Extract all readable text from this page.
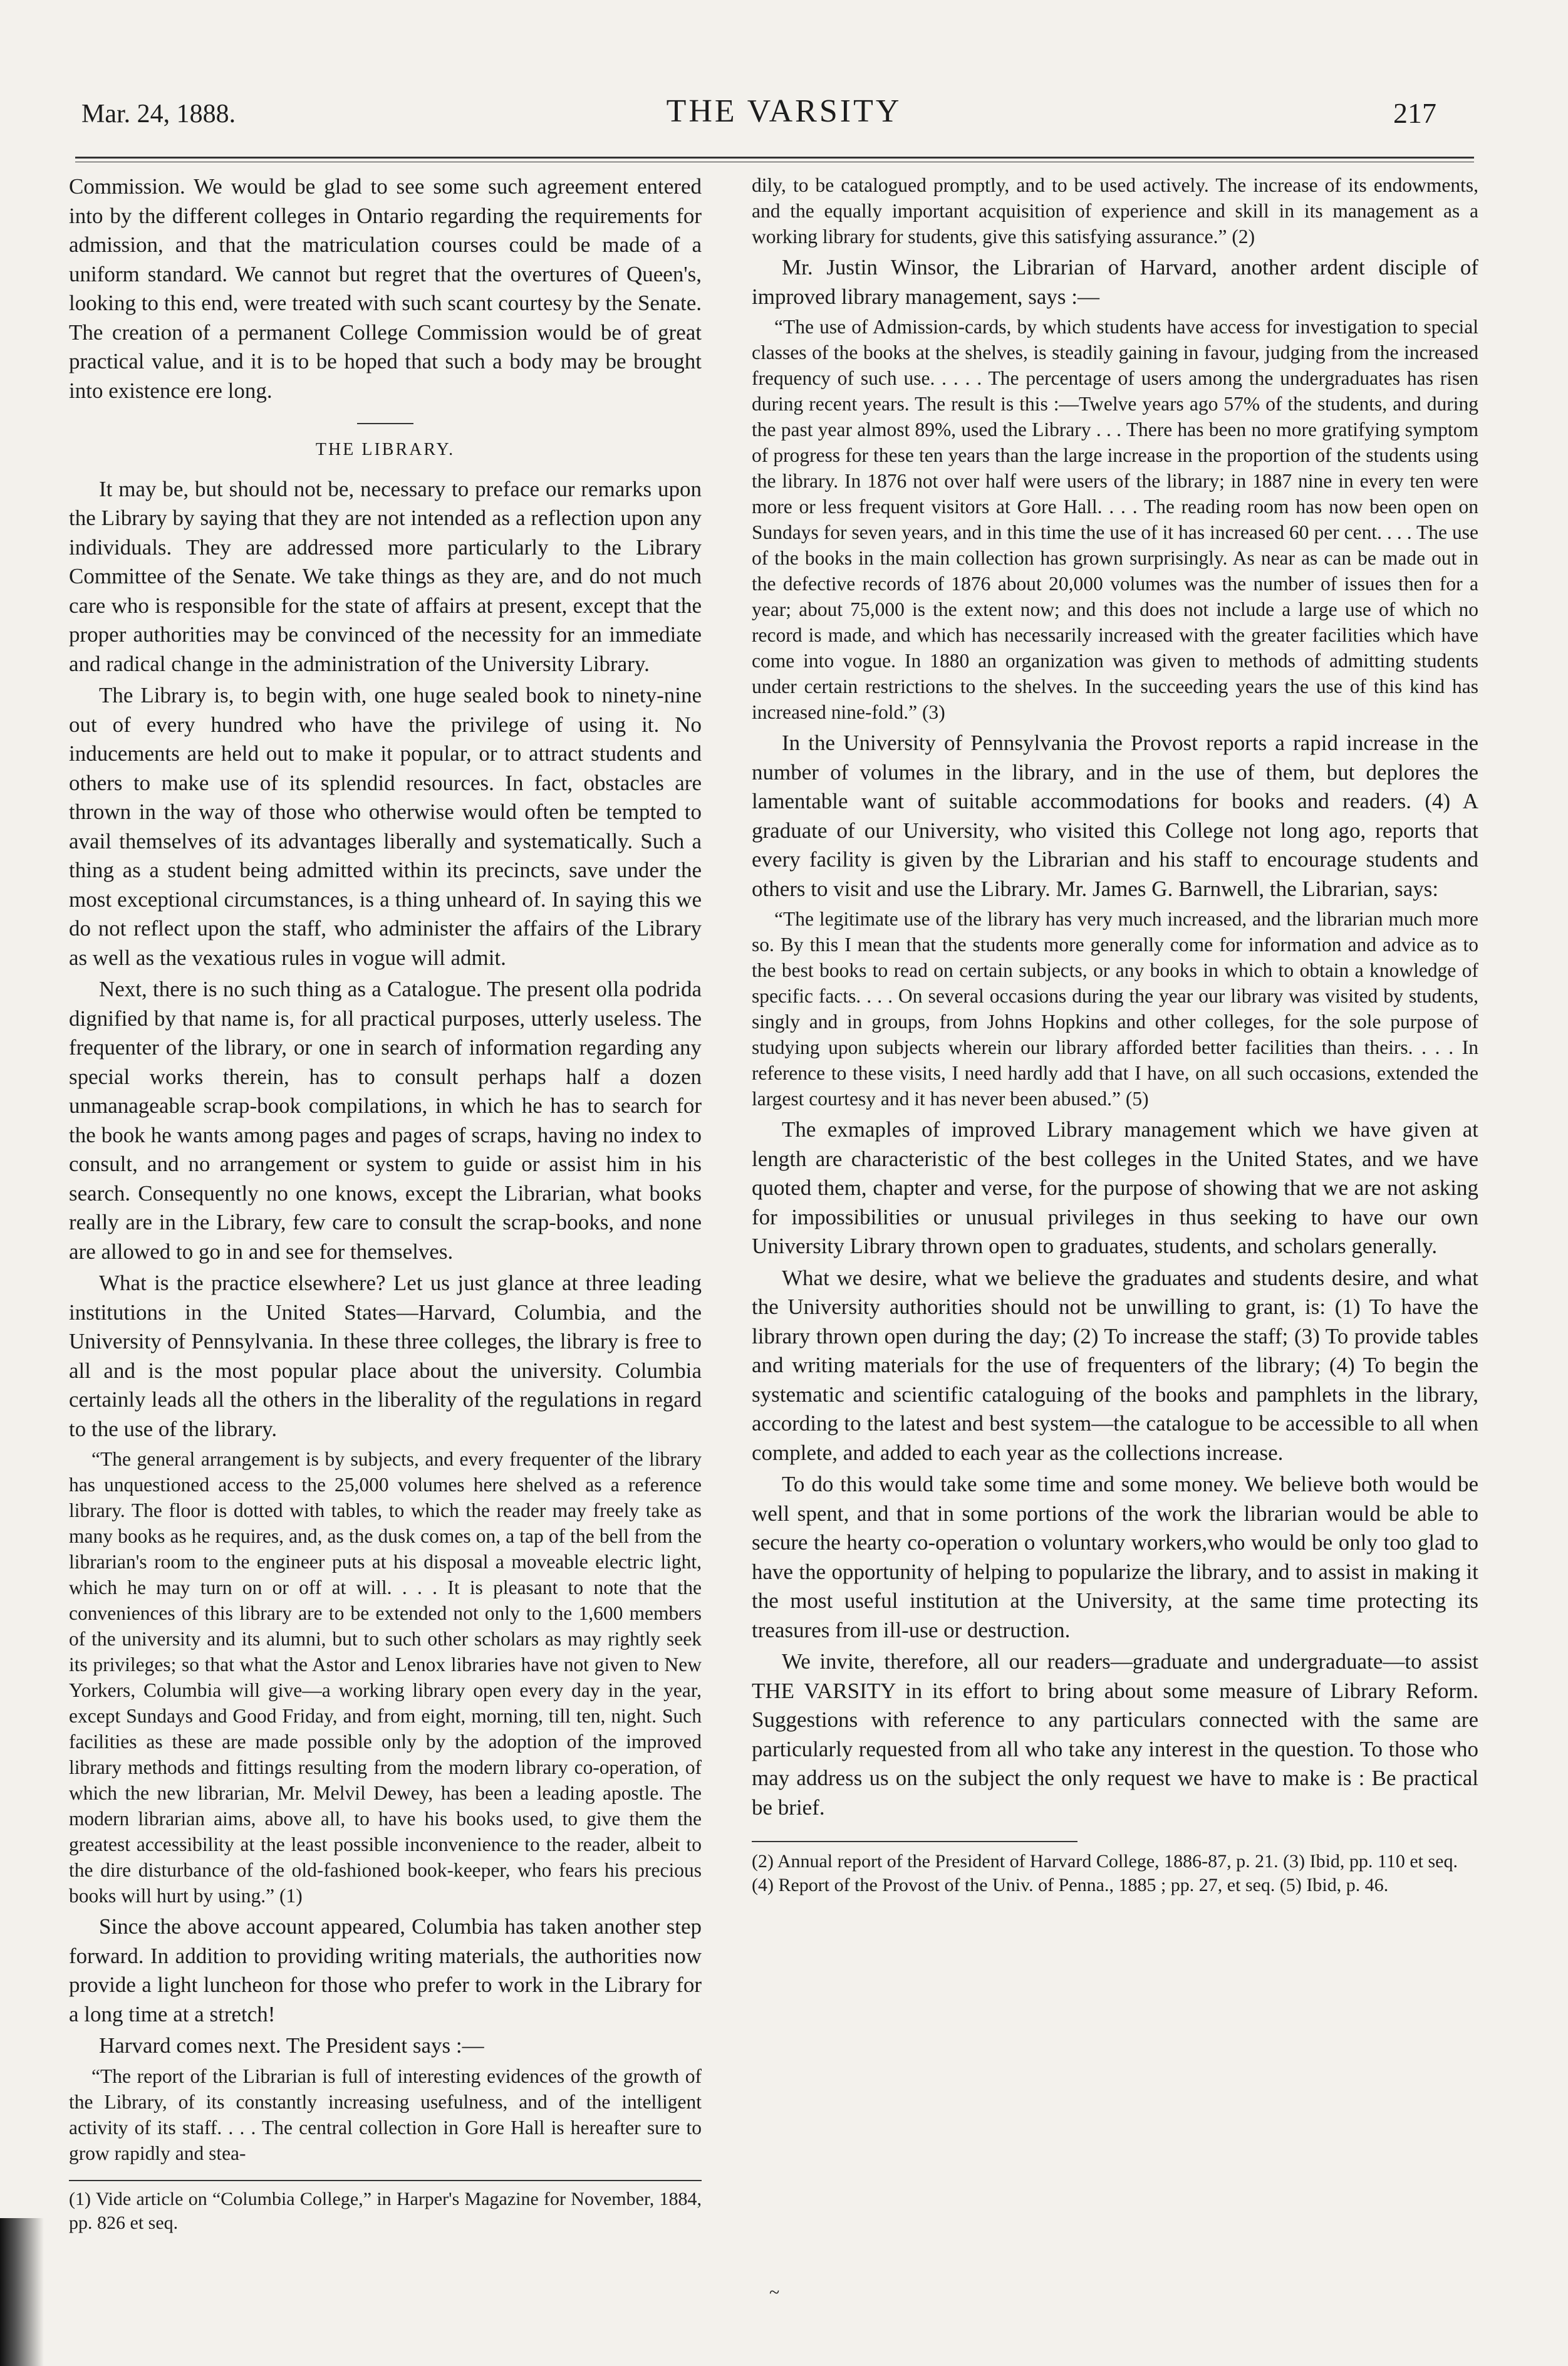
Mar. 24, 1888.	THE VARSITY	217

Commission. We would be glad to see some such agreement entered into by the different colleges in Ontario regarding the requirements for admission, and that the matriculation courses could be made of a uniform standard. We cannot but regret that the overtures of Queen's, looking to this end, were treated with such scant courtesy by the Senate. The creation of a permanent College Commission would be of great practical value, and it is to be hoped that such a body may be brought into existence ere long.

THE LIBRARY.

It may be, but should not be, necessary to preface our remarks upon the Library by saying that they are not intended as a reflection upon any individuals. They are addressed more particularly to the Library Committee of the Senate. We take things as they are, and do not much care who is responsible for the state of affairs at present, except that the proper authorities may be convinced of the necessity for an immediate and radical change in the administration of the University Library.

The Library is, to begin with, one huge sealed book to ninety-nine out of every hundred who have the privilege of using it. No inducements are held out to make it popular, or to attract students and others to make use of its splendid resources. In fact, obstacles are thrown in the way of those who otherwise would often be tempted to avail themselves of its advantages liberally and systematically. Such a thing as a student being admitted within its precincts, save under the most exceptional circumstances, is a thing unheard of. In saying this we do not reflect upon the staff, who administer the affairs of the Library as well as the vexatious rules in vogue will admit.

Next, there is no such thing as a Catalogue. The present olla podrida dignified by that name is, for all practical purposes, utterly useless. The frequenter of the library, or one in search of information regarding any special works therein, has to consult perhaps half a dozen unmanageable scrap-book compilations, in which he has to search for the book he wants among pages and pages of scraps, having no index to consult, and no arrangement or system to guide or assist him in his search. Consequently no one knows, except the Librarian, what books really are in the Library, few care to consult the scrap-books, and none are allowed to go in and see for themselves.

What is the practice elsewhere? Let us just glance at three leading institutions in the United States—Harvard, Columbia, and the University of Pennsylvania. In these three colleges, the library is free to all and is the most popular place about the university. Columbia certainly leads all the others in the liberality of the regulations in regard to the use of the library.

“The general arrangement is by subjects, and every frequenter of the library has unquestioned access to the 25,000 volumes here shelved as a reference library. The floor is dotted with tables, to which the reader may freely take as many books as he requires, and, as the dusk comes on, a tap of the bell from the librarian's room to the engineer puts at his disposal a moveable electric light, which he may turn on or off at will. . . . It is pleasant to note that the conveniences of this library are to be extended not only to the 1,600 members of the university and its alumni, but to such other scholars as may rightly seek its privileges; so that what the Astor and Lenox libraries have not given to New Yorkers, Columbia will give—a working library open every day in the year, except Sundays and Good Friday, and from eight, morning, till ten, night. Such facilities as these are made possible only by the adoption of the improved library methods and fittings resulting from the modern library co-operation, of which the new librarian, Mr. Melvil Dewey, has been a leading apostle. The modern librarian aims, above all, to have his books used, to give them the greatest accessibility at the least possible inconvenience to the reader, albeit to the dire disturbance of the old-fashioned book-keeper, who fears his precious books will hurt by using.” (1)

Since the above account appeared, Columbia has taken another step forward. In addition to providing writing materials, the authorities now provide a light luncheon for those who prefer to work in the Library for a long time at a stretch!

Harvard comes next. The President says :—

“The report of the Librarian is full of interesting evidences of the growth of the Library, of its constantly increasing usefulness, and of the intelligent activity of its staff. . . . The central collection in Gore Hall is hereafter sure to grow rapidly and stea-

(1) Vide article on “Columbia College,” in Harper's Magazine for November, 1884, pp. 826 et seq.

dily, to be catalogued promptly, and to be used actively. The increase of its endowments, and the equally important acquisition of experience and skill in its management as a working library for students, give this satisfying assurance.” (2)

Mr. Justin Winsor, the Librarian of Harvard, another ardent disciple of improved library management, says :—

“The use of Admission-cards, by which students have access for investigation to special classes of the books at the shelves, is steadily gaining in favour, judging from the increased frequency of such use. . . . . The percentage of users among the undergraduates has risen during recent years. The result is this :—Twelve years ago 57% of the students, and during the past year almost 89%, used the Library . . . There has been no more gratifying symptom of progress for these ten years than the large increase in the proportion of the students using the library. In 1876 not over half were users of the library; in 1887 nine in every ten were more or less frequent visitors at Gore Hall. . . . The reading room has now been open on Sundays for seven years, and in this time the use of it has increased 60 per cent. . . . The use of the books in the main collection has grown surprisingly. As near as can be made out in the defective records of 1876 about 20,000 volumes was the number of issues then for a year; about 75,000 is the extent now; and this does not include a large use of which no record is made, and which has necessarily increased with the greater facilities which have come into vogue. In 1880 an organization was given to methods of admitting students under certain restrictions to the shelves. In the succeeding years the use of this kind has increased nine-fold.” (3)

In the University of Pennsylvania the Provost reports a rapid increase in the number of volumes in the library, and in the use of them, but deplores the lamentable want of suitable accommodations for books and readers. (4) A graduate of our University, who visited this College not long ago, reports that every facility is given by the Librarian and his staff to encourage students and others to visit and use the Library. Mr. James G. Barnwell, the Librarian, says:

“The legitimate use of the library has very much increased, and the librarian much more so. By this I mean that the students more generally come for information and advice as to the best books to read on certain subjects, or any books in which to obtain a knowledge of specific facts. . . . On several occasions during the year our library was visited by students, singly and in groups, from Johns Hopkins and other colleges, for the sole purpose of studying upon subjects wherein our library afforded better facilities than theirs. . . . In reference to these visits, I need hardly add that I have, on all such occasions, extended the largest courtesy and it has never been abused.” (5)

The exmaples of improved Library management which we have given at length are characteristic of the best colleges in the United States, and we have quoted them, chapter and verse, for the purpose of showing that we are not asking for impossibilities or unusual privileges in thus seeking to have our own University Library thrown open to graduates, students, and scholars generally.

What we desire, what we believe the graduates and students desire, and what the University authorities should not be unwilling to grant, is: (1) To have the library thrown open during the day; (2) To increase the staff; (3) To provide tables and writing materials for the use of frequenters of the library; (4) To begin the systematic and scientific cataloguing of the books and pamphlets in the library, according to the latest and best system—the catalogue to be accessible to all when complete, and added to each year as the collections increase.

To do this would take some time and some money. We believe both would be well spent, and that in some portions of the work the librarian would be able to secure the hearty co-operation o voluntary workers,who would be only too glad to have the opportunity of helping to popularize the library, and to assist in making it the most useful institution at the University, at the same time protecting its treasures from ill-use or destruction.

We invite, therefore, all our readers—graduate and undergraduate—to assist THE VARSITY in its effort to bring about some measure of Library Reform. Suggestions with reference to any particulars connected with the same are particularly requested from all who take any interest in the question. To those who may address us on the subject the only request we have to make is : Be practical be brief.

(2) Annual report of the President of Harvard College, 1886-87, p. 21. (3) Ibid, pp. 110 et seq.

(4) Report of the Provost of the Univ. of Penna., 1885 ; pp. 27, et seq. (5) Ibid, p. 46.

~
